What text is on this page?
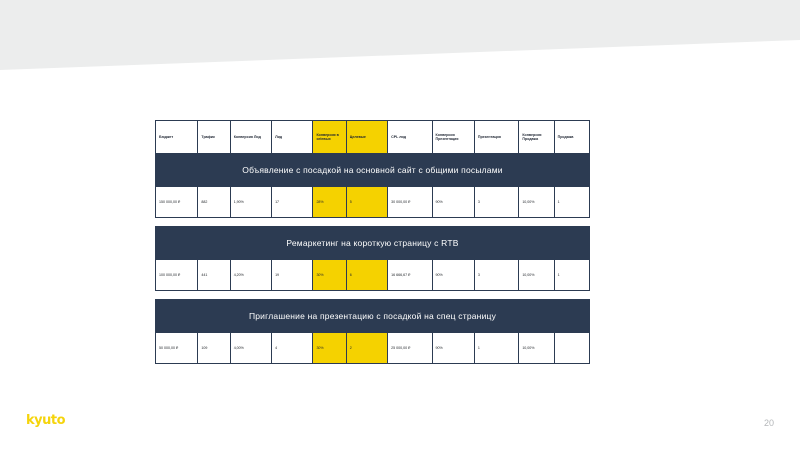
Бюджет	Трафик	Конверсия Лид	Лид	Конверсия в celевых	Целевые	CPL лид	Конверсия Презентация	Презентация	Конверсия Продажа	Продажа
Объявление с посадкой на основной сайт с общими посылами										
150 000,00 ₽	882	1,90%	17	28%	5	30 000,00 ₽	90%	3	10,00%	1

Ремаркетинг на короткую страницу с RTB										
100 000,00 ₽	441	4,20%	19	30%	6	16 666,67 ₽	90%	3	10,00%	1

Приглашение на презентацию с посадкой на спец страницу										
50 000,00 ₽	109	4,00%	4	30%	2	25 000,00 ₽	90%	1	10,00%	
kyuto	20
